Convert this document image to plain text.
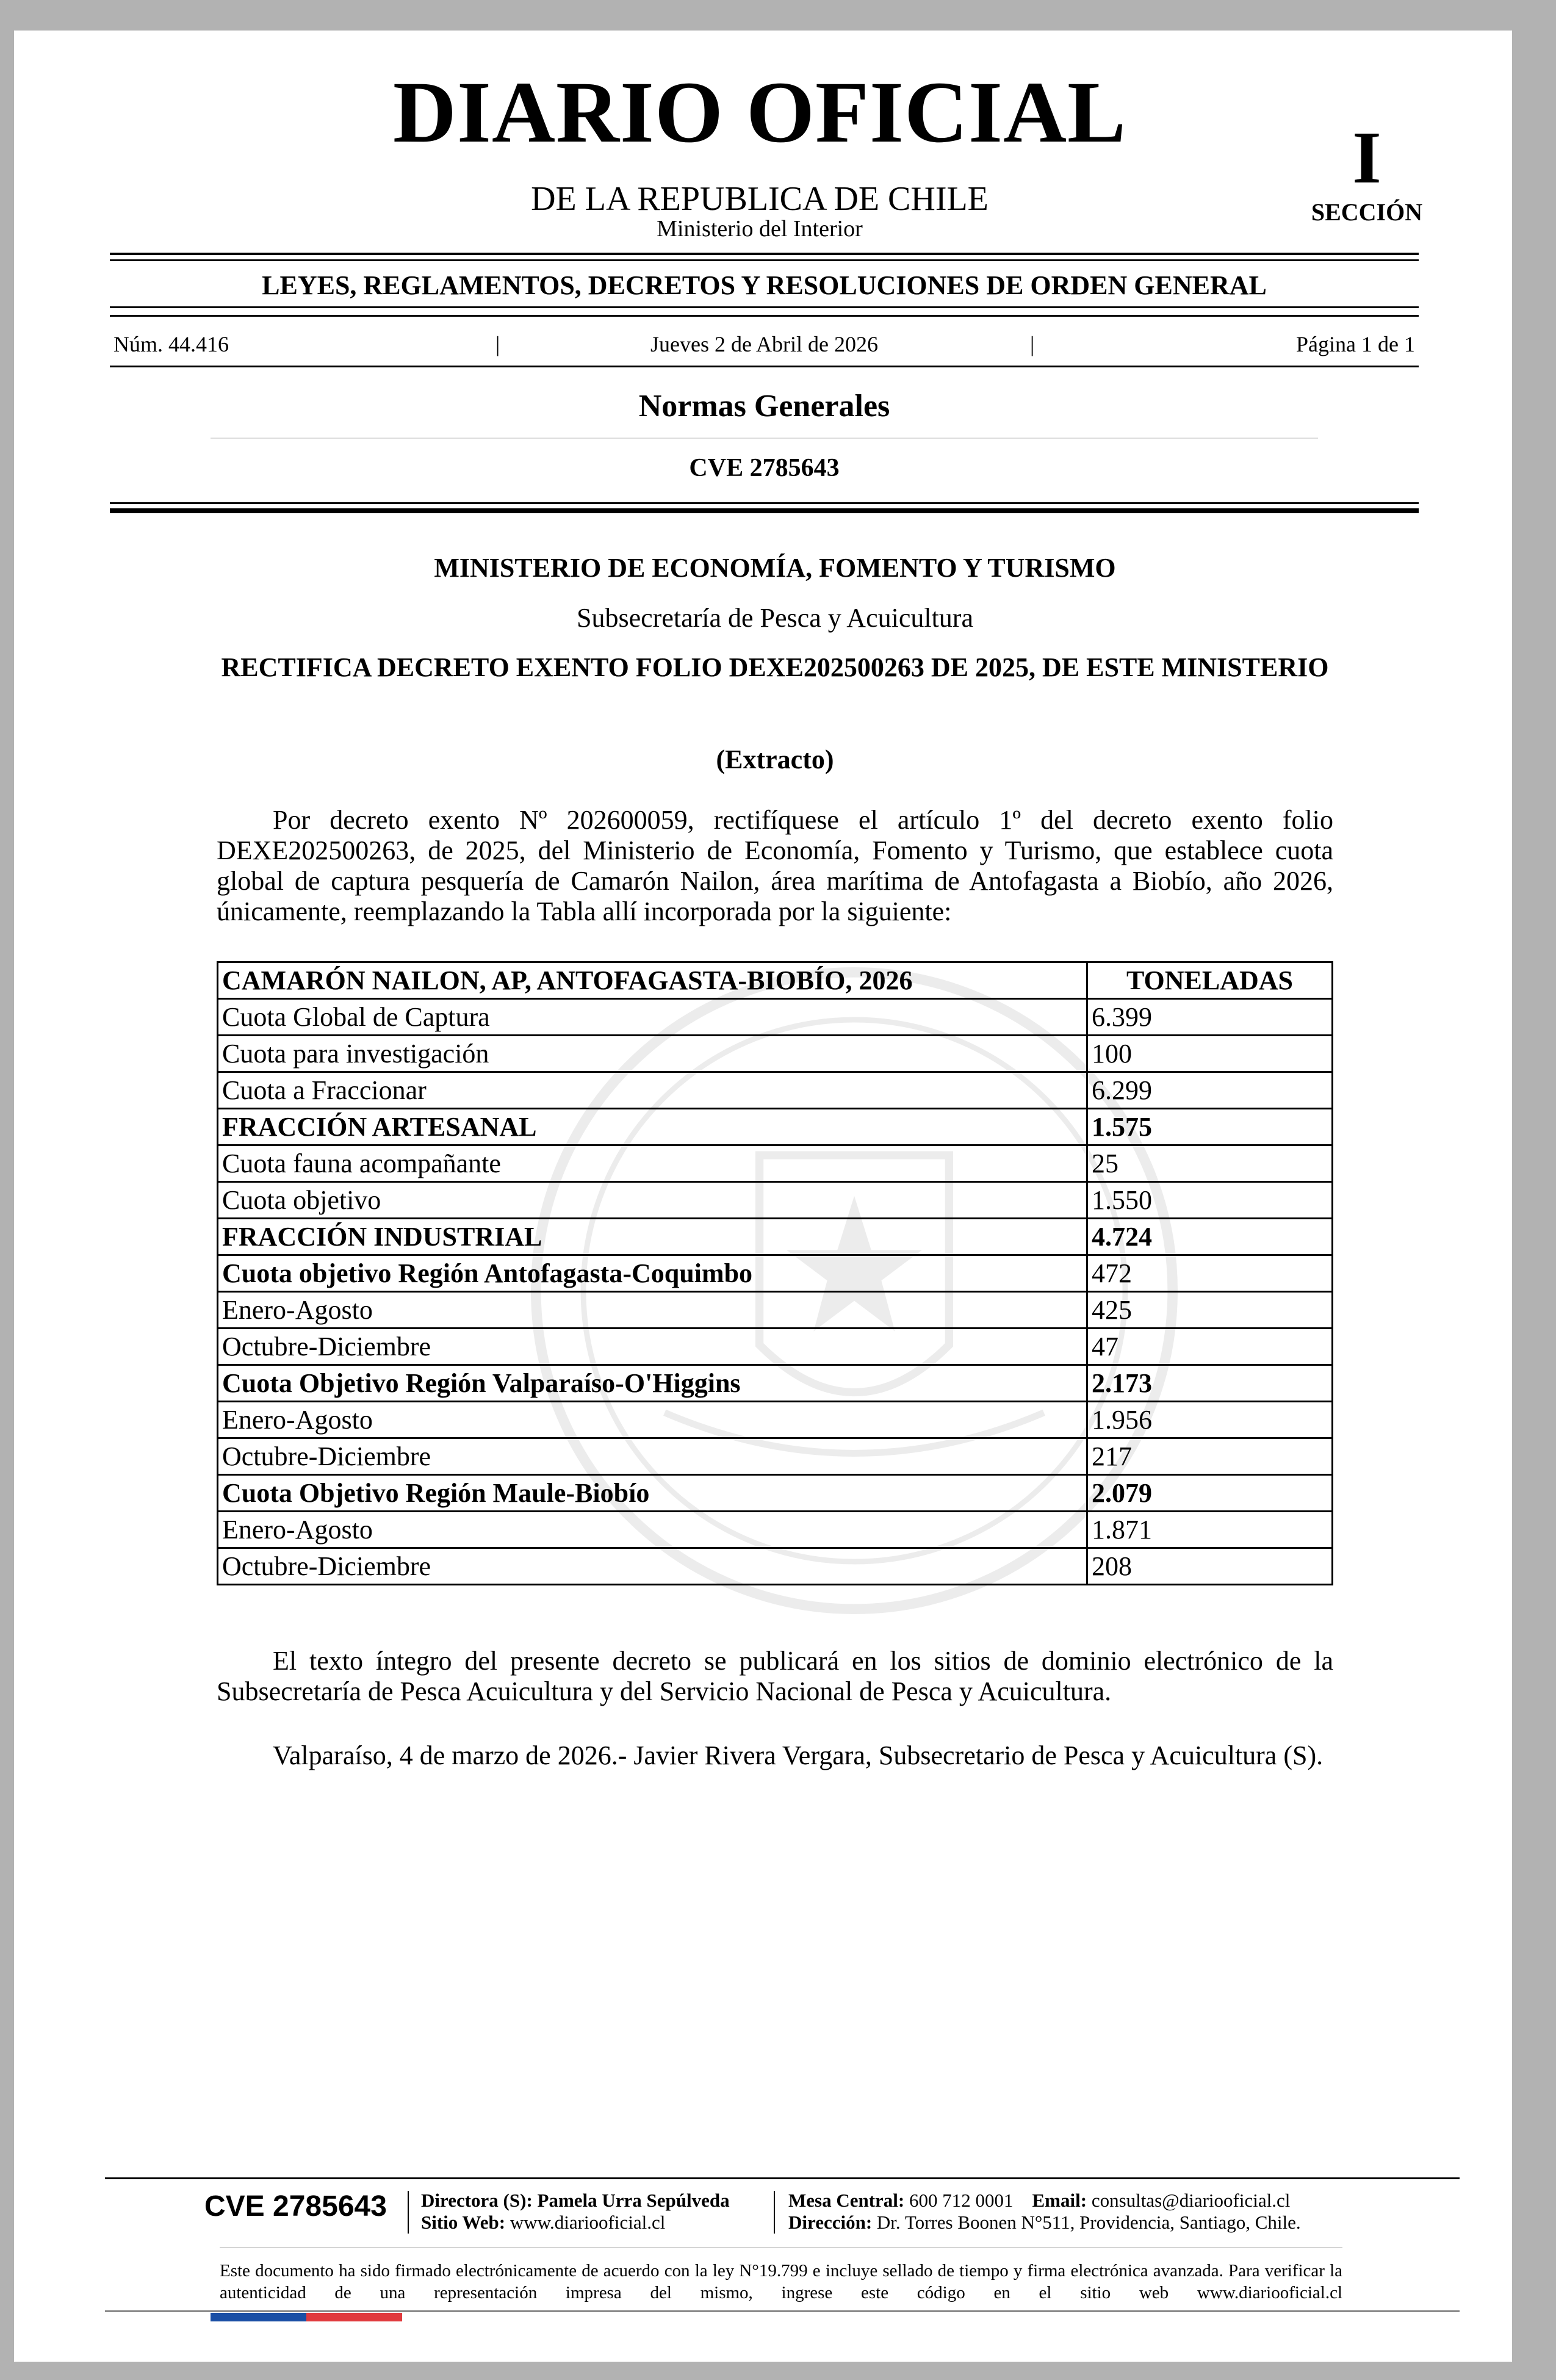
DIARIO OFICIAL
DE LA REPUBLICA DE CHILE
Ministerio del Interior
I
SECCIÓN
LEYES, REGLAMENTOS, DECRETOS Y RESOLUCIONES DE ORDEN GENERAL
Núm. 44.416	|	Jueves 2 de Abril de 2026	|	Página 1 de 1
Normas Generales
CVE 2785643
MINISTERIO DE ECONOMÍA, FOMENTO Y TURISMO
Subsecretaría de Pesca y Acuicultura
RECTIFICA DECRETO EXENTO FOLIO DEXE202500263 DE 2025, DE ESTE MINISTERIO
(Extracto)
Por decreto exento Nº 202600059, rectifíquese el artículo 1º del decreto exento folio DEXE202500263, de 2025, del Ministerio de Economía, Fomento y Turismo, que establece cuota global de captura pesquería de Camarón Nailon, área marítima de Antofagasta a Biobío, año 2026, únicamente, reemplazando la Tabla allí incorporada por la siguiente:
CAMARÓN NAILON, AP, ANTOFAGASTA-BIOBÍO, 2026	TONELADAS
Cuota Global de Captura	6.399
Cuota para investigación	100
Cuota a Fraccionar	6.299
FRACCIÓN ARTESANAL	1.575
Cuota fauna acompañante	25
Cuota objetivo	1.550
FRACCIÓN INDUSTRIAL	4.724
Cuota objetivo Región Antofagasta-Coquimbo	472
Enero-Agosto	425
Octubre-Diciembre	47
Cuota Objetivo Región Valparaíso-O'Higgins	2.173
Enero-Agosto	1.956
Octubre-Diciembre	217
Cuota Objetivo Región Maule-Biobío	2.079
Enero-Agosto	1.871
Octubre-Diciembre	208
El texto íntegro del presente decreto se publicará en los sitios de dominio electrónico de la Subsecretaría de Pesca Acuicultura y del Servicio Nacional de Pesca y Acuicultura.
Valparaíso, 4 de marzo de 2026.- Javier Rivera Vergara, Subsecretario de Pesca y Acuicultura (S).
CVE 2785643 Directora (S): Pamela Urra Sepúlveda
Sitio Web: www.diariooficial.cl
Mesa Central: 600 712 0001 Email: consultas@diariooficial.cl
Dirección: Dr. Torres Boonen N°511, Providencia, Santiago, Chile.
Este documento ha sido firmado electrónicamente de acuerdo con la ley N°19.799 e incluye sellado de tiempo y firma electrónica avanzada. Para verificar la autenticidad de una representación impresa del mismo, ingrese este código en el sitio web www.diariooficial.cl
